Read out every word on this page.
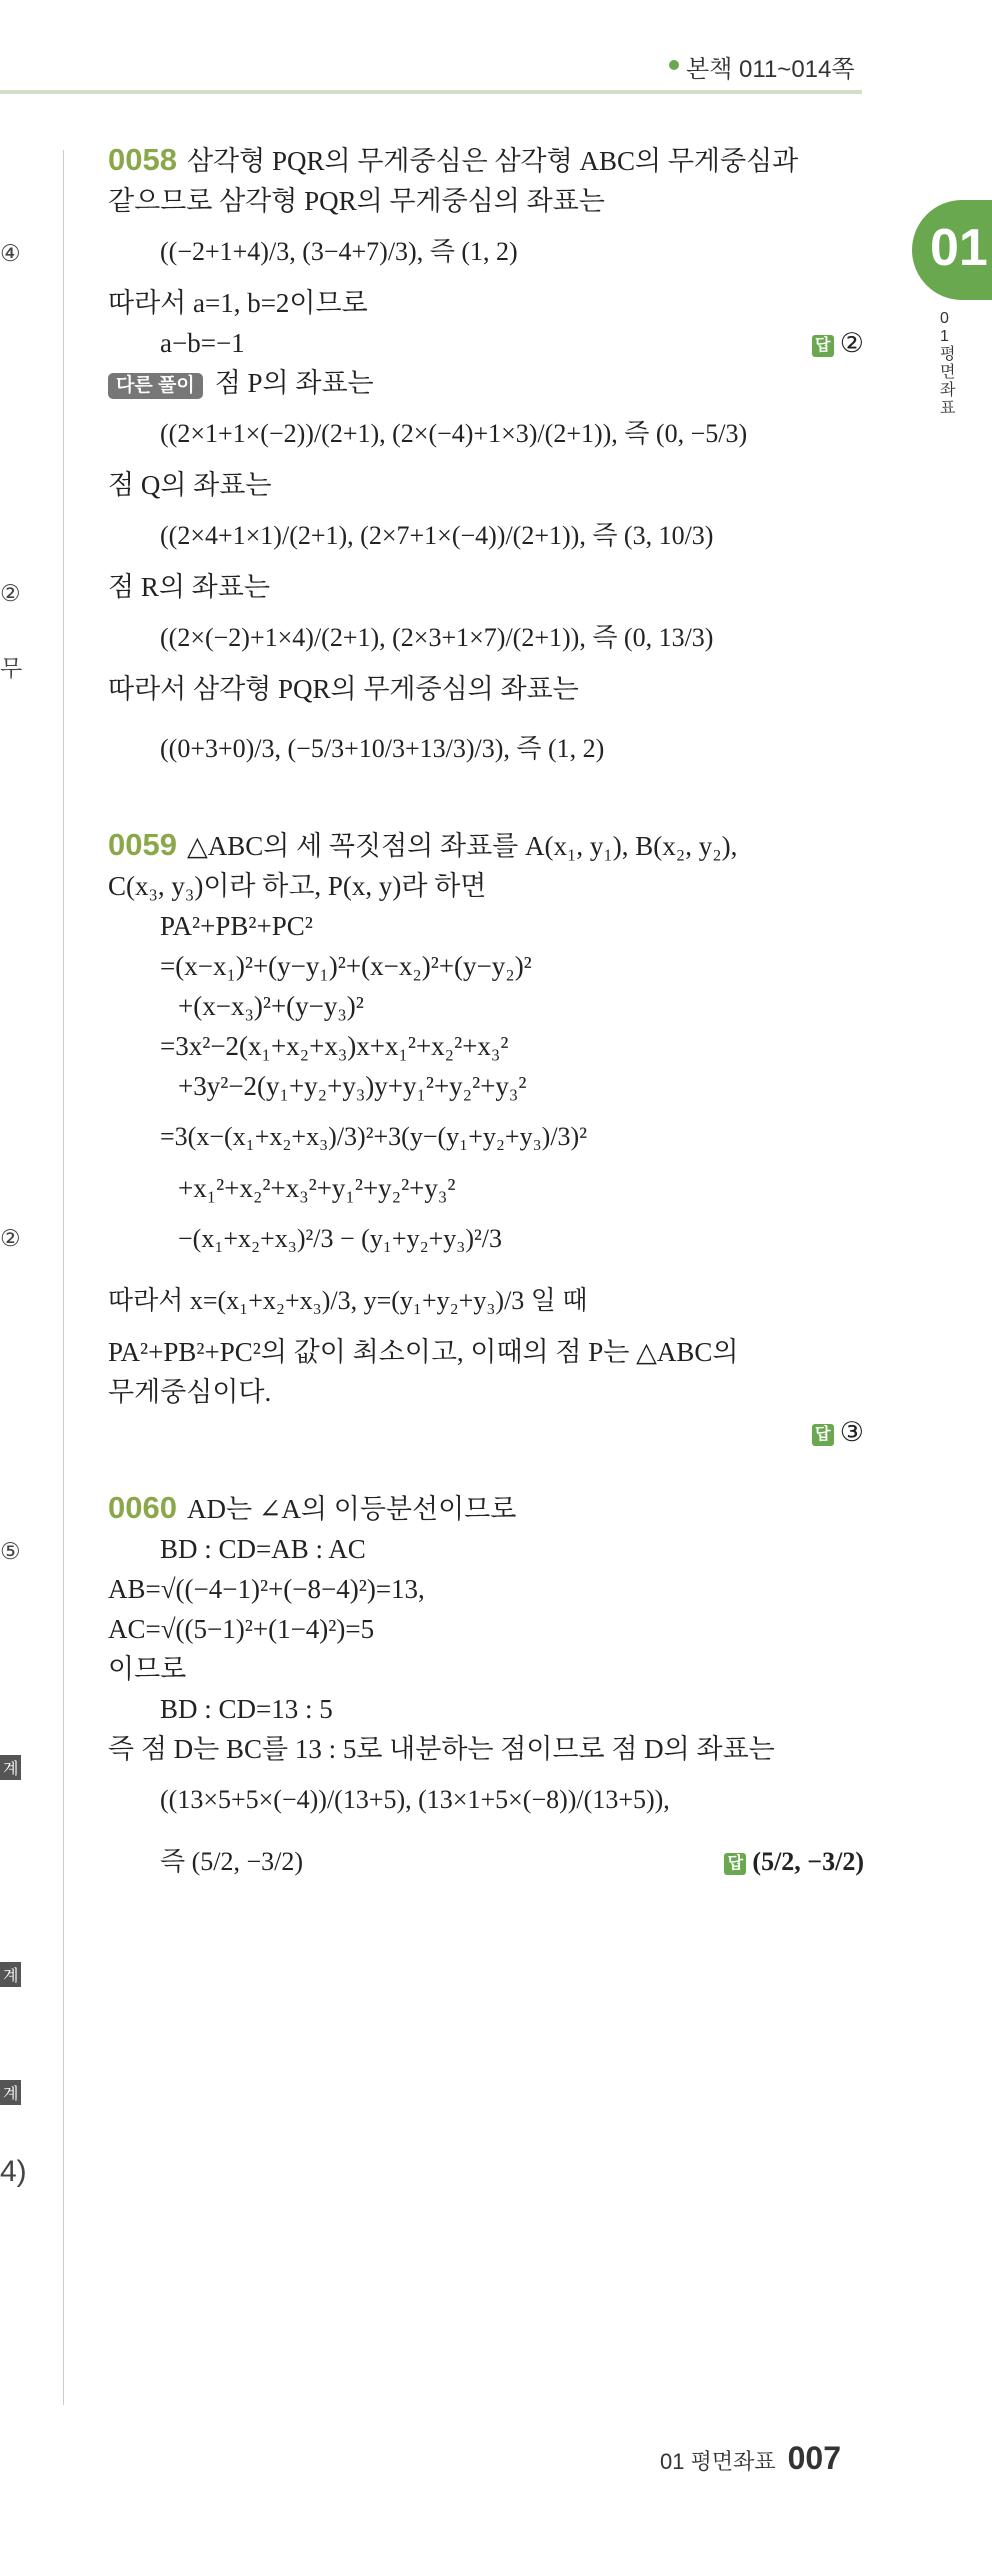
본책 011~014쪽
01
01 평면좌표
④
②
무
②
⑤
계
계
계
4)
0058 삼각형 PQR의 무게중심은 삼각형 ABC의 무게중심과
같으므로 삼각형 PQR의 무게중심의 좌표는
((−2+1+4)/3, (3−4+7)/3), 즉 (1, 2)
따라서 a=1, b=2이므로
a−b=−1	답 ②
다른 풀이 점 P의 좌표는
((2×1+1×(−2))/(2+1), (2×(−4)+1×3)/(2+1)), 즉 (0, −5/3)
점 Q의 좌표는
((2×4+1×1)/(2+1), (2×7+1×(−4))/(2+1)), 즉 (3, 10/3)
점 R의 좌표는
((2×(−2)+1×4)/(2+1), (2×3+1×7)/(2+1)), 즉 (0, 13/3)
따라서 삼각형 PQR의 무게중심의 좌표는
((0+3+0)/3, (−5/3+10/3+13/3)/3), 즉 (1, 2)
0059 △ABC의 세 꼭짓점의 좌표를 A(x₁, y₁), B(x₂, y₂),
C(x₃, y₃)이라 하고, P(x, y)라 하면
PA²+PB²+PC²
=(x−x₁)²+(y−y₁)²+(x−x₂)²+(y−y₂)²
+(x−x₃)²+(y−y₃)²
=3x²−2(x₁+x₂+x₃)x+x₁²+x₂²+x₃²
+3y²−2(y₁+y₂+y₃)y+y₁²+y₂²+y₃²
=3(x−(x₁+x₂+x₃)/3)²+3(y−(y₁+y₂+y₃)/3)²
+x₁²+x₂²+x₃²+y₁²+y₂²+y₃²
−(x₁+x₂+x₃)²/3 − (y₁+y₂+y₃)²/3
따라서 x=(x₁+x₂+x₃)/3, y=(y₁+y₂+y₃)/3 일 때
PA²+PB²+PC²의 값이 최소이고, 이때의 점 P는 △ABC의
무게중심이다.
답 ③

0060 AD는 ∠A의 이등분선이므로
BD : CD=AB : AC
AB=√((−4−1)²+(−8−4)²)=13,
AC=√((5−1)²+(1−4)²)=5
이므로
BD : CD=13 : 5
즉 점 D는 BC를 13 : 5로 내분하는 점이므로 점 D의 좌표는
((13×5+5×(−4))/(13+5), (13×1+5×(−8))/(13+5)),
즉 (5/2, −3/2)	답 (5/2, −3/2)
01 평면좌표 007
